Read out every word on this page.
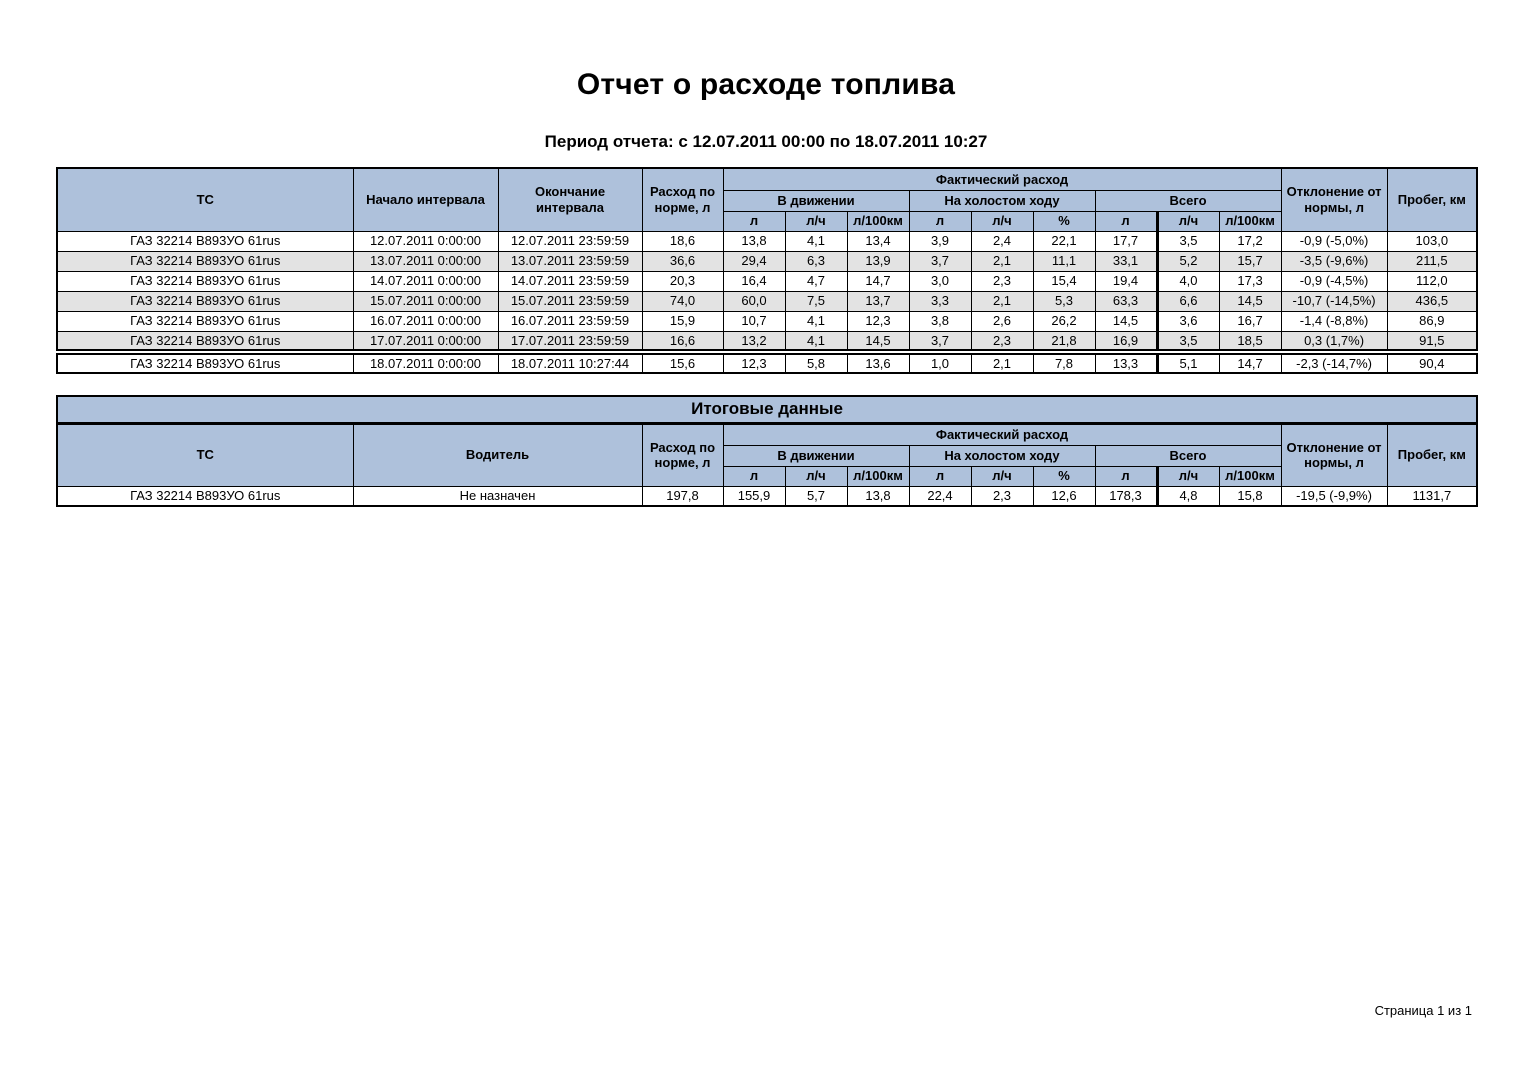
Отчет о расходе топлива
Период отчета: с 12.07.2011 00:00 по 18.07.2011 10:27
ТС	Начало интервала	Окончание интервала	Расход по норме, л	Фактический расход									Отклонение от нормы, л	Пробег, км
				В движении			На холостом ходу			Всего				
				л	л/ч	л/100км	л	л/ч	%	л	л/ч	л/100км		
ГАЗ 32214 В893УО 61rus	12.07.2011 0:00:00	12.07.2011 23:59:59	18,6	13,8	4,1	13,4	3,9	2,4	22,1	17,7	3,5	17,2	-0,9 (-5,0%)	103,0
ГАЗ 32214 В893УО 61rus	13.07.2011 0:00:00	13.07.2011 23:59:59	36,6	29,4	6,3	13,9	3,7	2,1	11,1	33,1	5,2	15,7	-3,5 (-9,6%)	211,5
ГАЗ 32214 В893УО 61rus	14.07.2011 0:00:00	14.07.2011 23:59:59	20,3	16,4	4,7	14,7	3,0	2,3	15,4	19,4	4,0	17,3	-0,9 (-4,5%)	112,0
ГАЗ 32214 В893УО 61rus	15.07.2011 0:00:00	15.07.2011 23:59:59	74,0	60,0	7,5	13,7	3,3	2,1	5,3	63,3	6,6	14,5	-10,7 (-14,5%)	436,5
ГАЗ 32214 В893УО 61rus	16.07.2011 0:00:00	16.07.2011 23:59:59	15,9	10,7	4,1	12,3	3,8	2,6	26,2	14,5	3,6	16,7	-1,4 (-8,8%)	86,9
ГАЗ 32214 В893УО 61rus	17.07.2011 0:00:00	17.07.2011 23:59:59	16,6	13,2	4,1	14,5	3,7	2,3	21,8	16,9	3,5	18,5	0,3 (1,7%)	91,5
ГАЗ 32214 В893УО 61rus	18.07.2011 0:00:00	18.07.2011 10:27:44	15,6	12,3	5,8	13,6	1,0	2,1	7,8	13,3	5,1	14,7	-2,3 (-14,7%)	90,4
Итоговые данные													
ТС	Водитель	Расход по норме, л	Фактический расход									Отклонение от нормы, л	Пробег, км
			В движении			На холостом ходу			Всего				
			л	л/ч	л/100км	л	л/ч	%	л	л/ч	л/100км		
ГАЗ 32214 В893УО 61rus	Не назначен	197,8	155,9	5,7	13,8	22,4	2,3	12,6	178,3	4,8	15,8	-19,5 (-9,9%)	1131,7
Страница 1 из 1
